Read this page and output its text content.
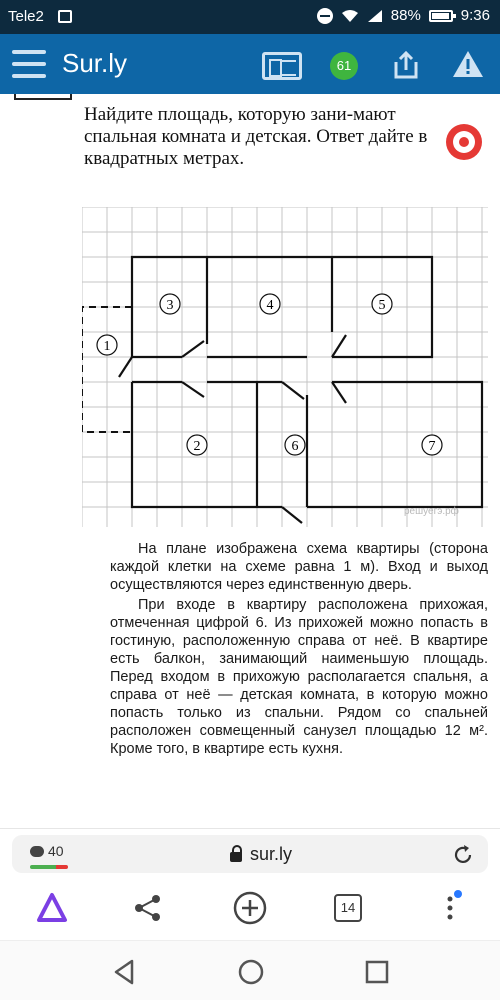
Tele2	88%	9:36
Sur.ly	61
Найдите площадь, которую зани-мают спальная комната и детская. Ответ дайте в квадратных метрах.
1
2
3	4	5
6	7
решуегэ.рф

На плане изображена схема квартиры (сторона каждой клетки на схеме равна 1 м). Вход и выход осуществляются через единственную дверь.

При входе в квартиру расположена прихожая, отмеченная цифрой 6. Из прихожей можно попасть в гостиную, расположенную справа от неё. В квартире есть балкон, занимающий наименьшую площадь. Перед входом в прихожую располагается спальня, а справа от неё — детская комната, в которую можно попасть только из спальни. Рядом со спальней расположен совмещенный санузел площадью 12 м². Кроме того, в квартире есть кухня.

40	sur.ly
14
